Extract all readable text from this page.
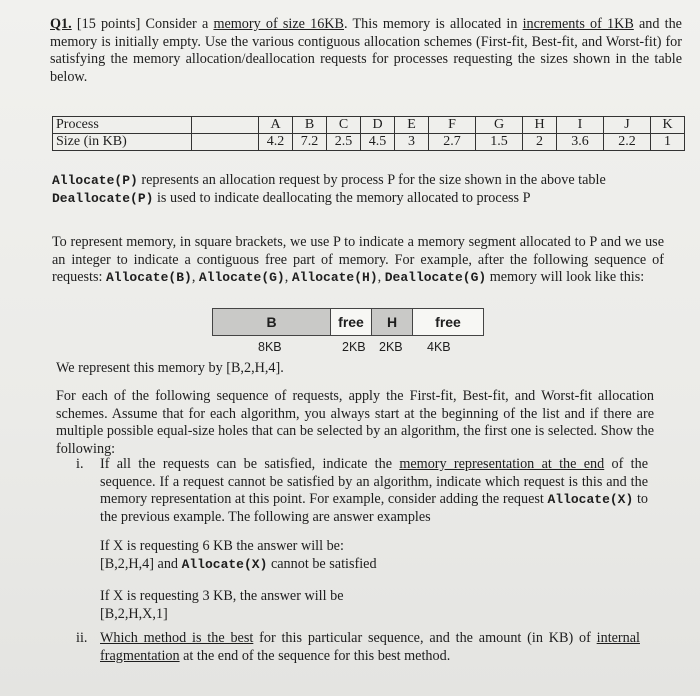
Q1. [15 points] Consider a memory of size 16KB. This memory is allocated in increments of 1KB and the memory is initially empty. Use the various contiguous allocation schemes (First-fit, Best-fit, and Worst-fit) for satisfying the memory allocation/deallocation requests for processes requesting the sizes shown in the table below.
Process		A	B	C	D	E	F	G	H	I	J	K
Size (in KB)		4.2	7.2	2.5	4.5	3	2.7	1.5	2	3.6	2.2	1
Allocate(P) represents an allocation request by process P for the size shown in the above table
Deallocate(P) is used to indicate deallocating the memory allocated to process P
To represent memory, in square brackets, we use P to indicate a memory segment allocated to P and we use an integer to indicate a contiguous free part of memory. For example, after the following sequence of requests: Allocate(B), Allocate(G), Allocate(H), Deallocate(G) memory will look like this:
B	free	H	free
8KB	2KB 2KB 4KB
We represent this memory by [B,2,H,4].
For each of the following sequence of requests, apply the First-fit, Best-fit, and Worst-fit allocation schemes. Assume that for each algorithm, you always start at the beginning of the list and if there are multiple possible equal-size holes that can be selected by an algorithm, the first one is selected. Show the following:
i. If all the requests can be satisfied, indicate the memory representation at the end of the sequence. If a request cannot be satisfied by an algorithm, indicate which request is this and the memory representation at this point. For example, consider adding the request Allocate(X) to the previous example. The following are answer examples
If X is requesting 6 KB the answer will be:
[B,2,H,4] and Allocate(X) cannot be satisfied
If X is requesting 3 KB, the answer will be
[B,2,H,X,1]
ii. Which method is the best for this particular sequence, and the amount (in KB) of internal fragmentation at the end of the sequence for this best method.
